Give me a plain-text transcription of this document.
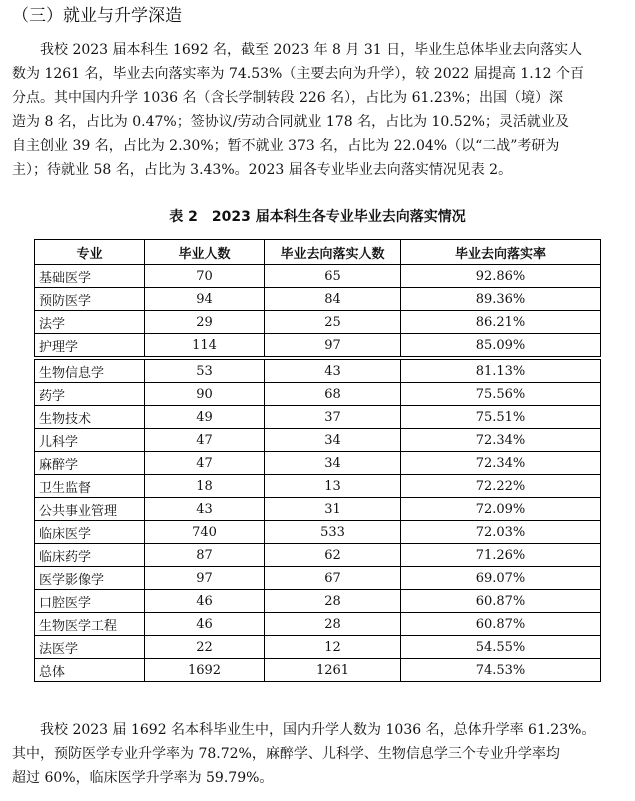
（三）就业与升学深造
　　我校 2023 届本科生 1692 名，截至 2023 年 8 月 31 日，毕业生总体毕业去向落实人
数为 1261 名，毕业去向落实率为 74.53%（主要去向为升学），较 2022 届提高 1.12 个百
分点。其中国内升学 1036 名（含长学制转段 226 名），占比为 61.23%；出国（境）深
造为 8 名，占比为 0.47%；签协议/劳动合同就业 178 名，占比为 10.52%；灵活就业及
自主创业 39 名，占比为 2.30%；暂不就业 373 名，占比为 22.04%（以“二战”考研为
主）；待就业 58 名，占比为 3.43%。2023 届各专业毕业去向落实情况见表 2。
表 2　2023 届本科生各专业毕业去向落实情况
专业	毕业人数	毕业去向落实人数	毕业去向落实率
基础医学	70	65	92.86%
预防医学	94	84	89.36%
法学	29	25	86.21%
护理学	114	97	85.09%
生物信息学	53	43	81.13%
药学	90	68	75.56%
生物技术	49	37	75.51%
儿科学	47	34	72.34%
麻醉学	47	34	72.34%
卫生监督	18	13	72.22%
公共事业管理	43	31	72.09%
临床医学	740	533	72.03%
临床药学	87	62	71.26%
医学影像学	97	67	69.07%
口腔医学	46	28	60.87%
生物医学工程	46	28	60.87%
法医学	22	12	54.55%
总体	1692	1261	74.53%
　　我校 2023 届 1692 名本科毕业生中，国内升学人数为 1036 名，总体升学率 61.23%。
其中，预防医学专业升学率为 78.72%，麻醉学、儿科学、生物信息学三个专业升学率均
超过 60%，临床医学升学率为 59.79%。
